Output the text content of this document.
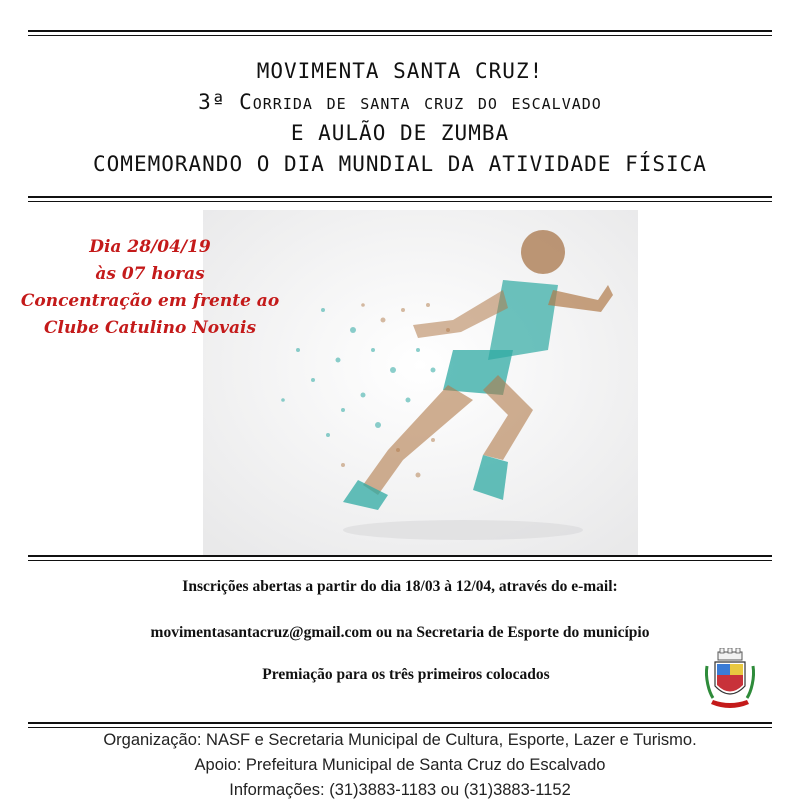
MOVIMENTA SANTA CRUZ!
3ª Corrida de santa cruz do escalvado
E AULÃO DE ZUMBA
COMEMORANDO O DIA MUNDIAL DA ATIVIDADE FÍSICA
Dia 28/04/19
às 07 horas
Concentração em frente ao
Clube Catulino Novais
Inscrições abertas a partir do dia 18/03 à 12/04, através do e-mail:
movimentasantacruz@gmail.com ou na Secretaria de Esporte do município
Premiação para os três primeiros colocados
Organização: NASF e Secretaria Municipal de Cultura, Esporte, Lazer e Turismo.
Apoio: Prefeitura Municipal de Santa Cruz do Escalvado
Informações: (31)3883-1183 ou (31)3883-1152
